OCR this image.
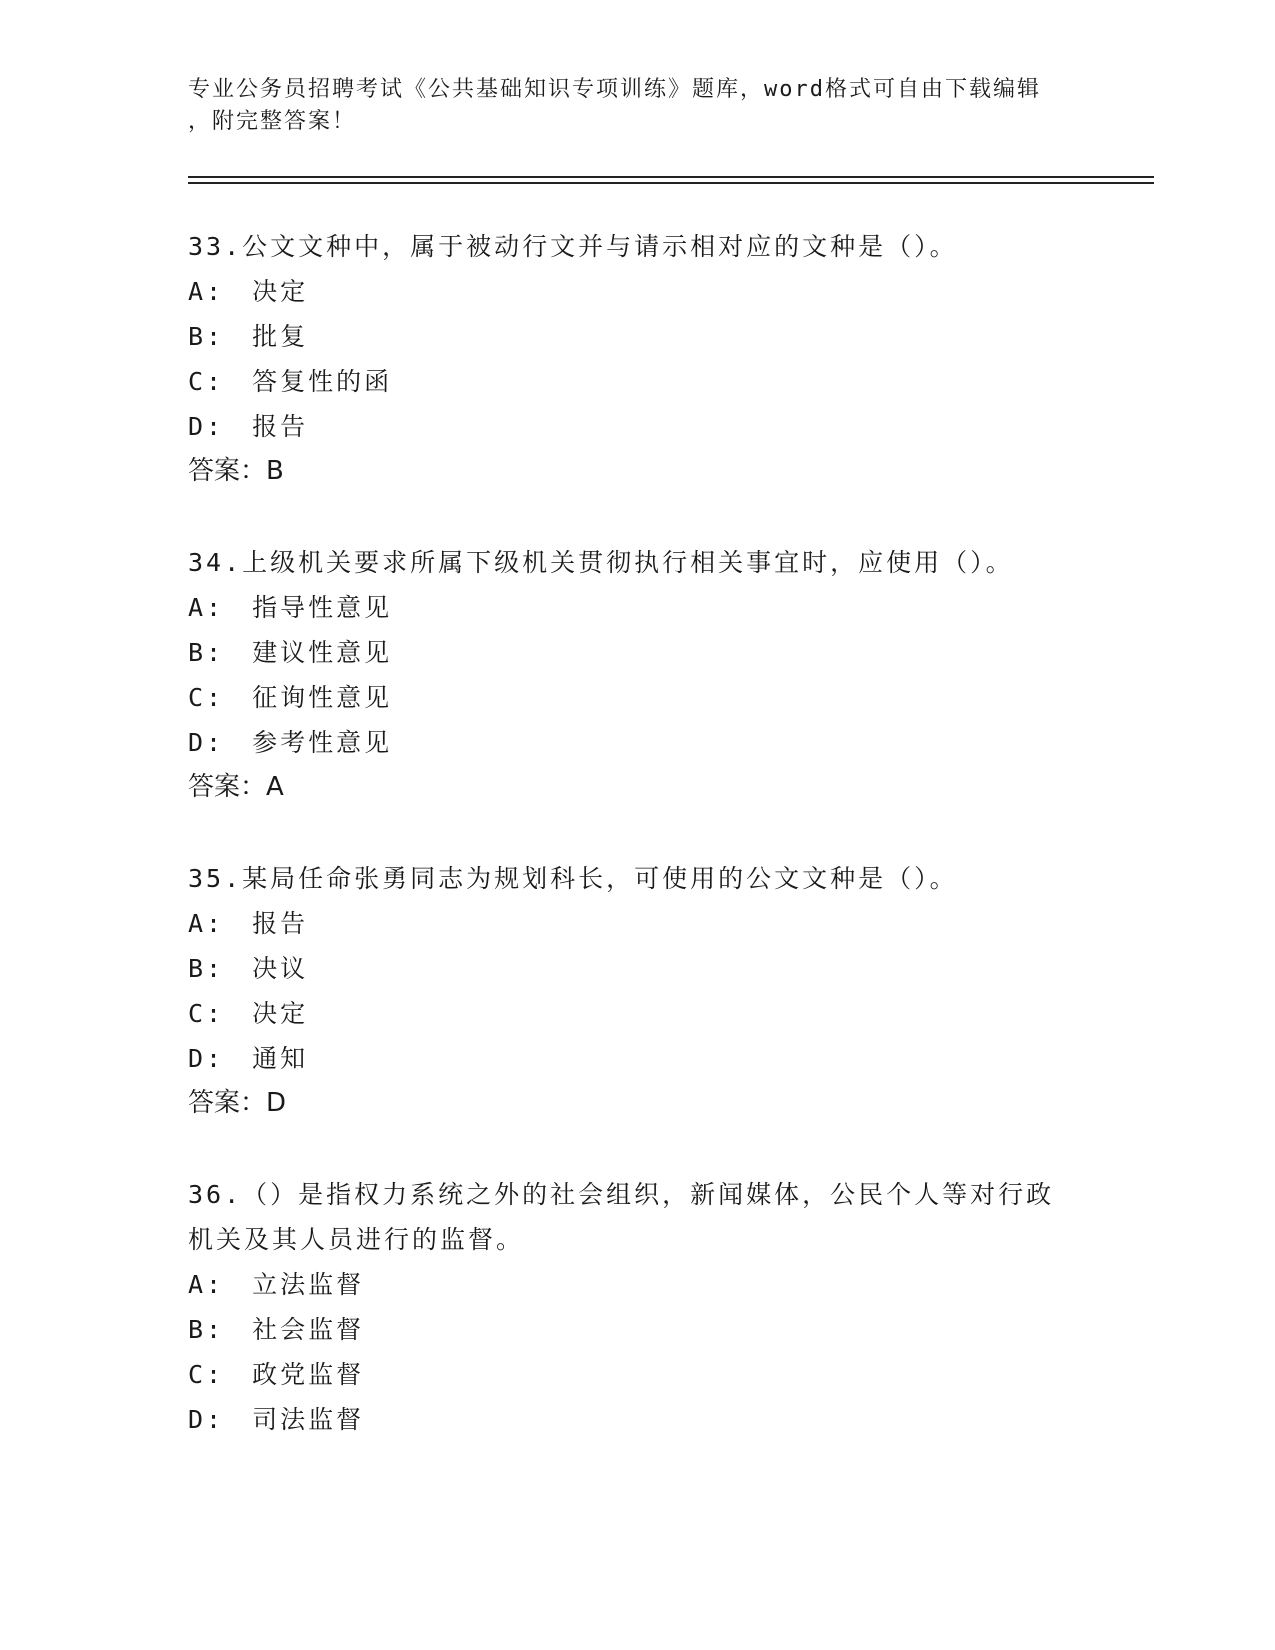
专业公务员招聘考试《公共基础知识专项训练》题库，word格式可自由下载编辑
，附完整答案！

33.公文文种中，属于被动行文并与请示相对应的文种是（）。

A:　决定

B:　批复

C:　答复性的函

D:　报告

答案：B

34.上级机关要求所属下级机关贯彻执行相关事宜时，应使用（）。

A:　指导性意见

B:　建议性意见

C:　征询性意见

D:　参考性意见

答案：A

35.某局任命张勇同志为规划科长，可使用的公文文种是（）。

A:　报告

B:　决议

C:　决定

D:　通知

答案：D

36.（）是指权力系统之外的社会组织，新闻媒体，公民个人等对行政

机关及其人员进行的监督。

A:　立法监督

B:　社会监督

C:　政党监督

D:　司法监督
